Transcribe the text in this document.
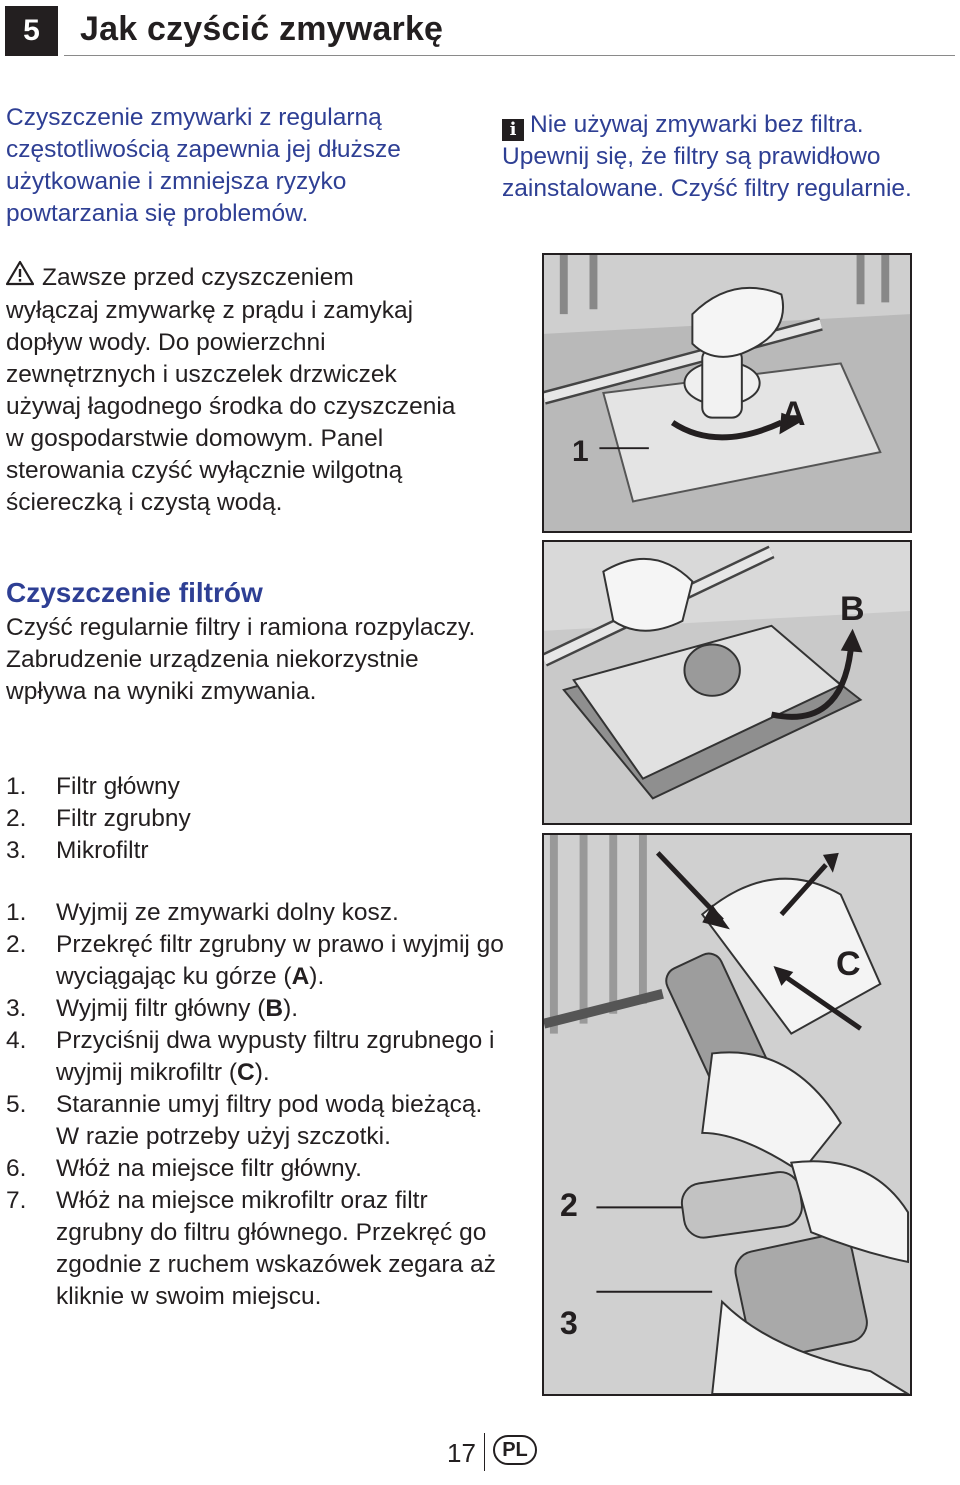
5	Jak czyścić zmywarkę
Czyszczenie zmywarki z regularną częstotliwością zapewnia jej dłuższe użytkowanie i zmniejsza ryzyko powtarzania się problemów.
Zawsze przed czyszczeniem
wyłączaj zmywarkę z prądu i zamykaj dopływ wody. Do powierzchni zewnętrznych i uszczelek drzwiczek używaj łagodnego środka do czyszczenia w gospodarstwie domowym. Panel sterowania czyść wyłącznie wilgotną ściereczką i czystą wodą.
Czyszczenie filtrów
Czyść regularnie filtry i ramiona rozpylaczy. Zabrudzenie urządzenia niekorzystnie wpływa na wyniki zmywania.
1.	Filtr główny
2.	Filtr zgrubny
3.	Mikrofiltr
1.	Wyjmij ze zmywarki dolny kosz.
2.	Przekręć filtr zgrubny w prawo i wyjmij go wyciągając ku górze (A).
3.	Wyjmij filtr główny (B).
4.	Przyciśnij dwa wypusty filtru zgrubnego i wyjmij mikrofiltr (C).
5.	Starannie umyj filtry pod wodą bieżącą. W razie potrzeby użyj szczotki.
6.	Włóż na miejsce filtr główny.
7.	Włóż na miejsce mikrofiltr oraz filtr zgrubny do filtru głównego. Przekręć go zgodnie z ruchem wskazówek zegara aż kliknie w swoim miejscu.
i Nie używaj zmywarki bez filtra. Upewnij się, że filtry są prawidłowo zainstalowane. Czyść filtry regularnie.
A
1
B
C
2
3
17	PL
